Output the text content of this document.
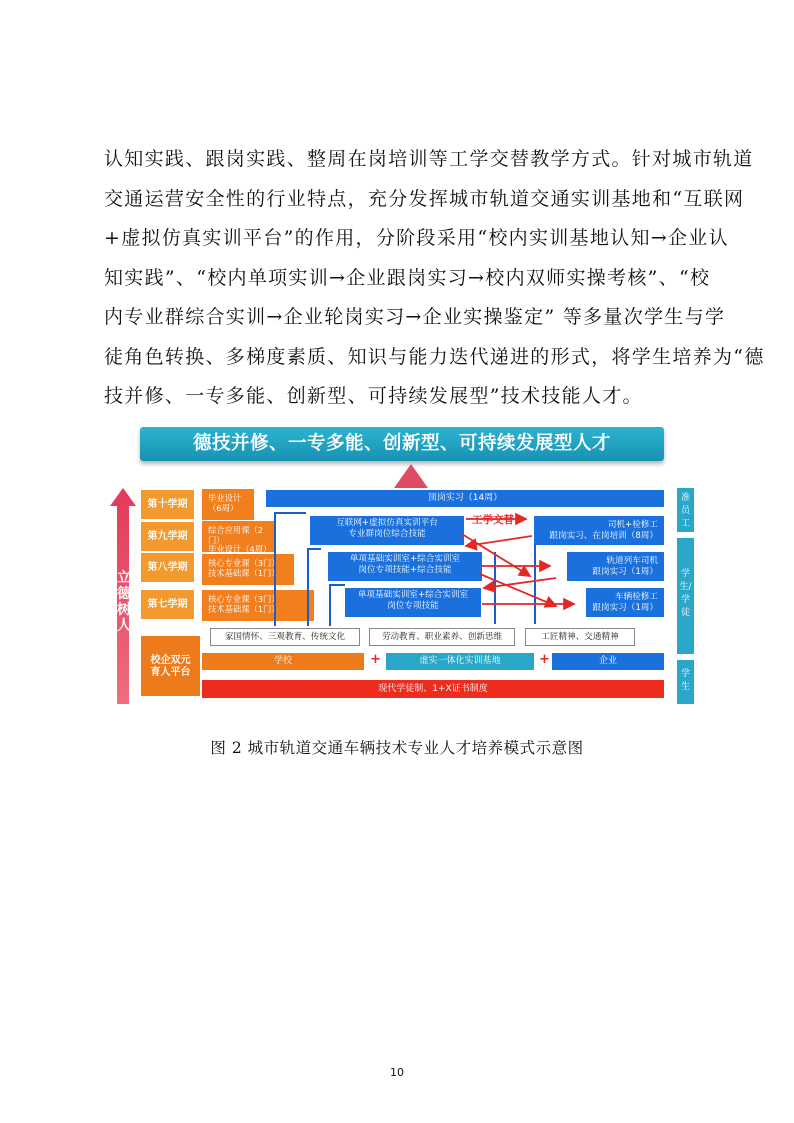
认知实践、跟岗实践、整周在岗培训等工学交替教学方式。针对城市轨道
交通运营安全性的行业特点，充分发挥城市轨道交通实训基地和“互联网
+虚拟仿真实训平台”的作用，分阶段采用“校内实训基地认知→企业认
知实践”、“校内单项实训→企业跟岗实习→校内双师实操考核”、“校
内专业群综合实训→企业轮岗实习→企业实操鉴定” 等多量次学生与学
徒角色转换、多梯度素质、知识与能力迭代递进的形式，将学生培养为“德
技并修、一专多能、创新型、可持续发展型”技术技能人才。
德技并修、一专多能、创新型、可持续发展型人才
立德树人
第十学期
第九学期
第八学期
第七学期
毕业设计
（6周）
综合应用课（2门）
毕业设计（4周）
核心专业课（3门）
技术基础课（1门）
核心专业课（3门）
技术基础课（1门）
校企双元
育人平台
顶岗实习（14周）
互联网+虚拟仿真实训平台
专业群岗位综合技能
单项基础实训室+综合实训室
岗位专项技能+综合技能
单项基础实训室+综合实训室
岗位专项技能
工学交替	司机+检修工
跟岗实习、在岗培训（8周）
轨道列车司机
跟岗实习（1周）
车辆检修工
跟岗实习（1周）
准员工
学生/学徒
学生
家国情怀、三观教育、传统文化	劳动教育、职业素养、创新思维	工匠精神、交通精神
学校	+	虚实一体化实训基地	+	企业
现代学徒制、1+X证书制度
图 2 城市轨道交通车辆技术专业人才培养模式示意图
10
